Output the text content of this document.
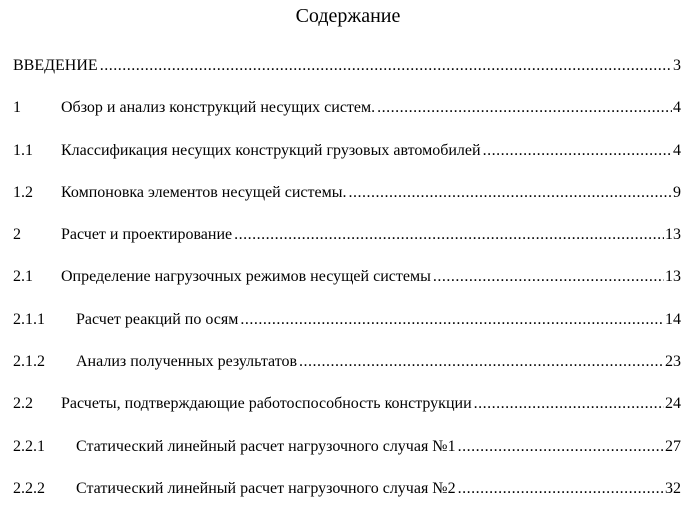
Содержание
ВВЕДЕНИЕ .....	3
1	Обзор и анализ конструкций несущих систем. .....	4
1.1	Классификация несущих конструкций грузовых автомобилей .....	4
1.2	Компоновка элементов несущей системы. .....	9
2	Расчет и проектирование .....	13
2.1	Определение нагрузочных режимов несущей системы .....	13
2.1.1	Расчет реакций по осям .....	14
2.1.2	Анализ полученных результатов .....	23
2.2	Расчеты, подтверждающие работоспособность конструкции .....	24
2.2.1	Статический линейный расчет нагрузочного случая №1 .....	27
2.2.2	Статический линейный расчет нагрузочного случая №2 .....	32
